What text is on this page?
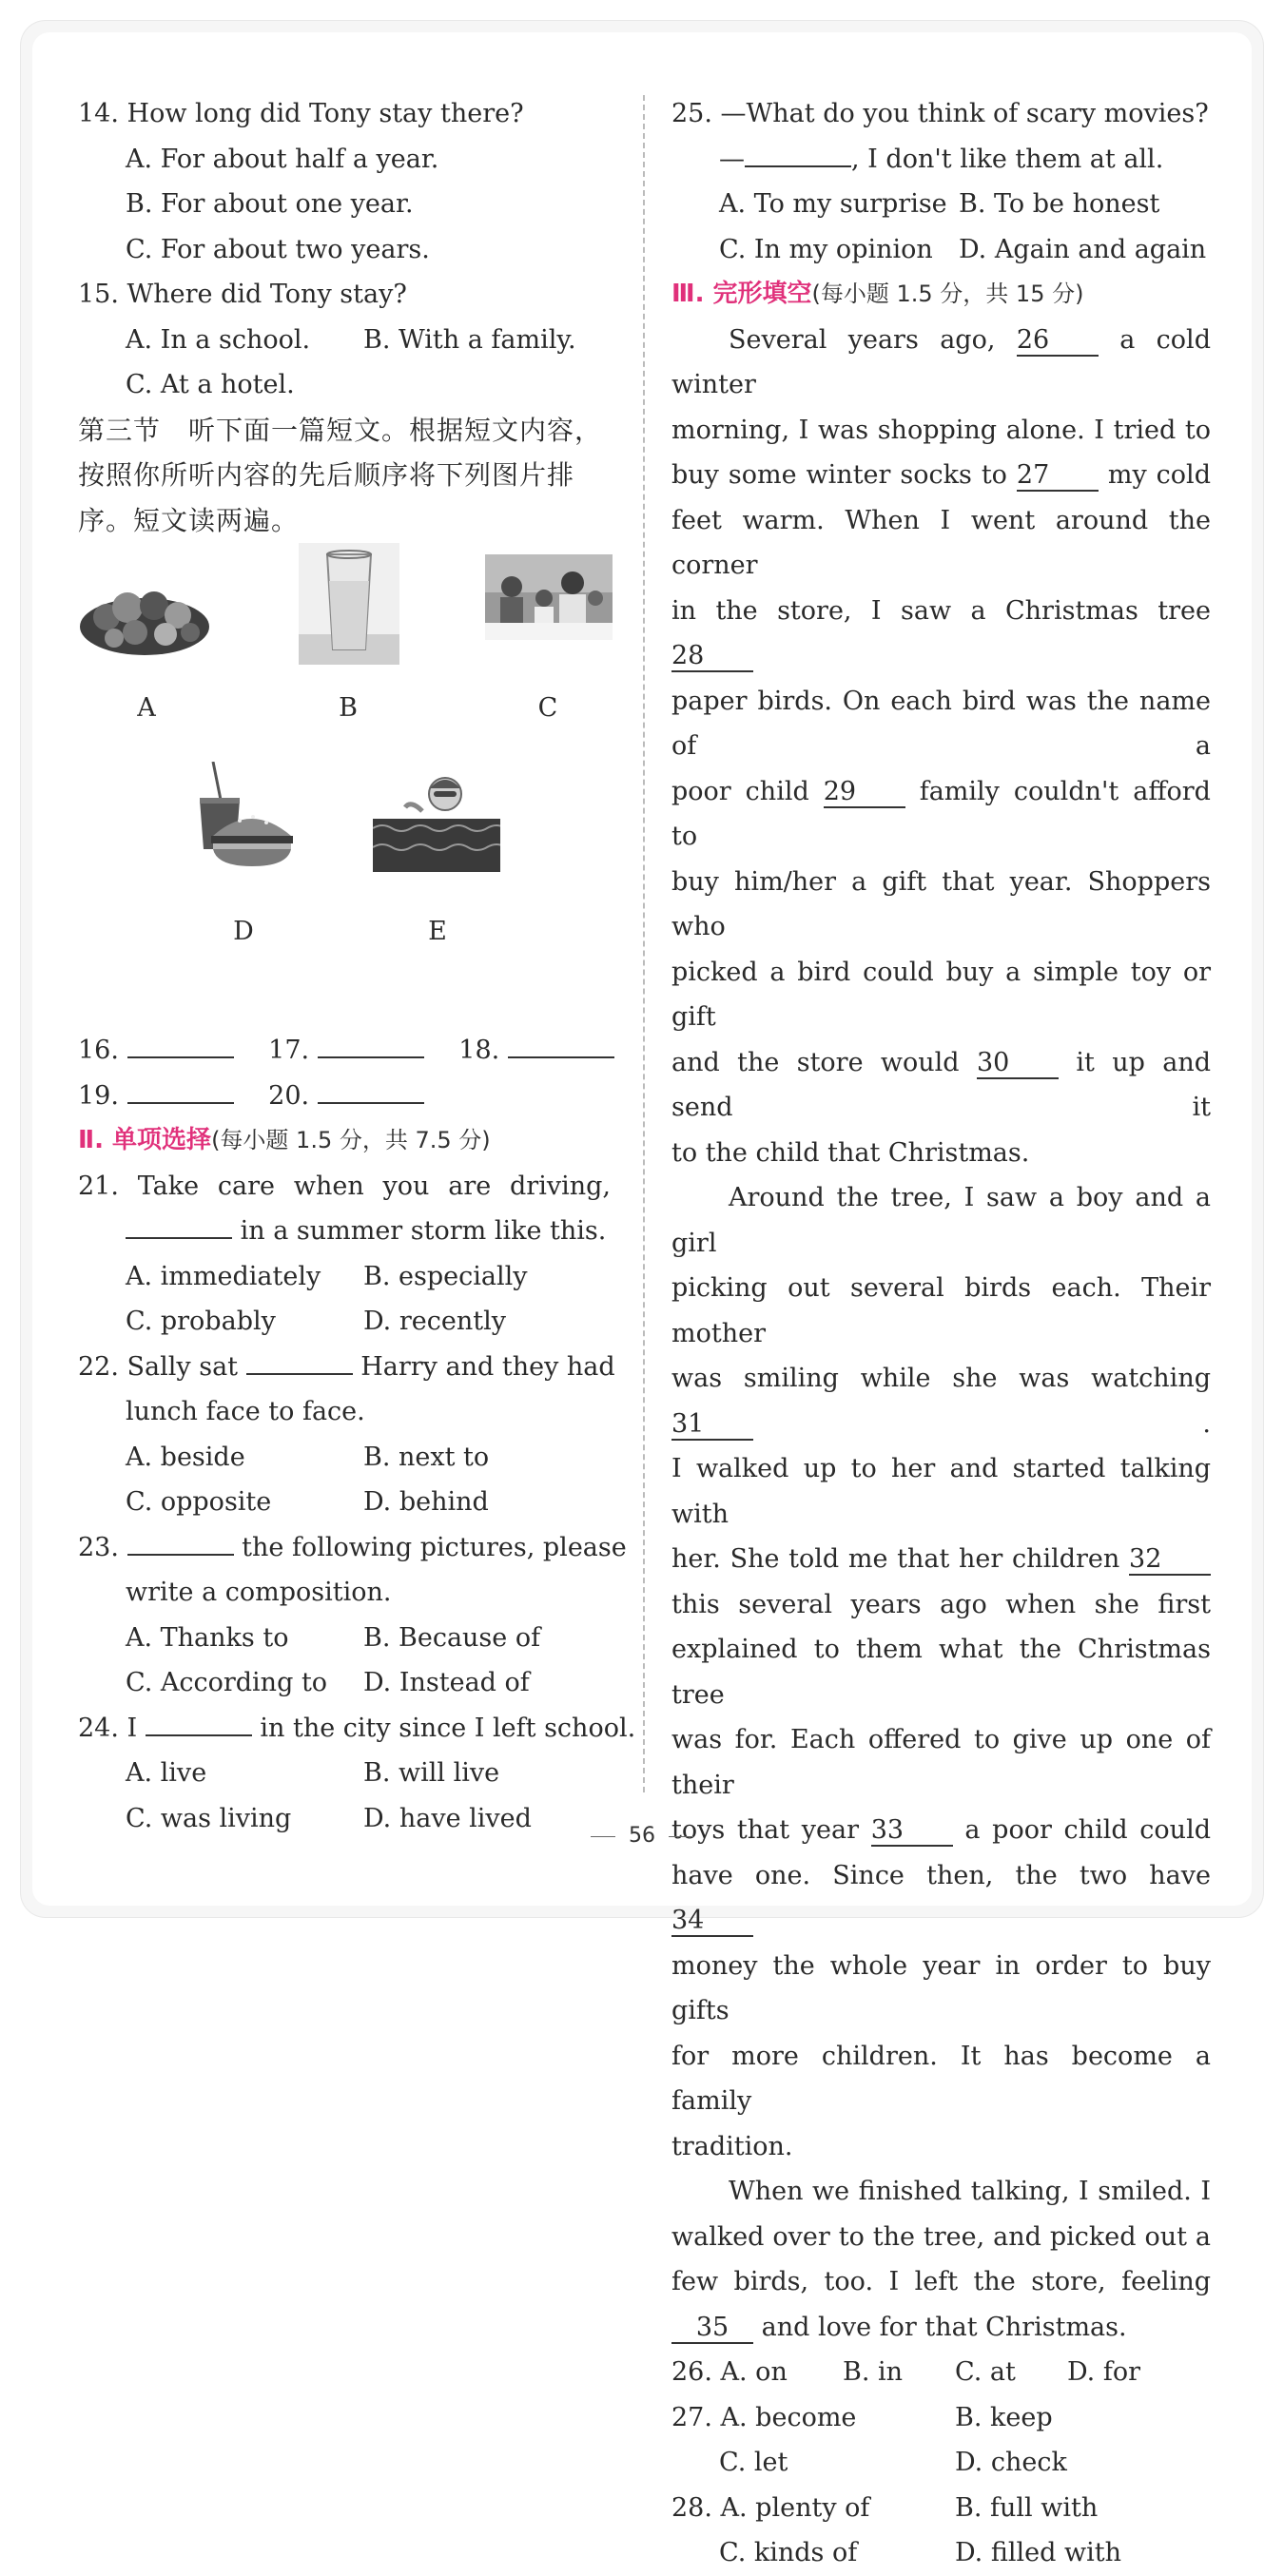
14. How long did Tony stay there?
A. For about half a year.
B. For about one year.
C. For about two years.
15. Where did Tony stay?
A. In a school. B. With a family.
C. At a hotel.
第三节　听下面一篇短文。根据短文内容，
按照你所听内容的先后顺序将下列图片排
序。短文读两遍。
A	B	C
D	E
16.	17.	18.
19.	20.
Ⅱ. 单项选择(每小题 1.5 分，共 7.5 分)
21. Take care when you are driving,
in a summer storm like this.
A. immediately B. especially
C. probably	D. recently
22. Sally sat	Harry and they had
lunch face to face.
A. beside	B. next to
C. opposite	D. behind
23.	the following pictures, please
write a composition.
A. Thanks to	B. Because of
C. According to D. Instead of
24. I	in the city since I left school.
A. live	B. will live
C. was living	D. have lived
25. —What do you think of scary movies?
—	, I don't like them at all.
A. To my surprise B. To be honest
C. In my opinion D. Again and again
Ⅲ. 完形填空(每小题 1.5 分，共 15 分)
Several years ago, 26	a cold winter
morning, I was shopping alone. I tried to
buy some winter socks to 27 my cold
feet warm. When I went around the corner
in the store, I saw a Christmas tree 28
paper birds. On each bird was the name of a
poor child 29 family couldn't afford to
buy him/her a gift that year. Shoppers who
picked a bird could buy a simple toy or gift
and the store would 30	it up and send it
to the child that Christmas.
Around the tree, I saw a boy and a girl
picking out several birds each. Their mother
was smiling while she was watching 31	.
I walked up to her and started talking with
her. She told me that her children 32
this several years ago when she first
explained to them what the Christmas tree
was for. Each offered to give up one of their
toys that year 33 a poor child could
have one. Since then, the two have 34
money the whole year in order to buy gifts
for more children. It has become a family
tradition.
When we finished talking, I smiled. I
walked over to the tree, and picked out a
few birds, too. I left the store, feeling
35 and love for that Christmas.
26. A. on B. in C. at D. for
27. A. become	B. keep
C. let	D. check
28. A. plenty of	B. full with
C. kinds of	D. filled with
56
